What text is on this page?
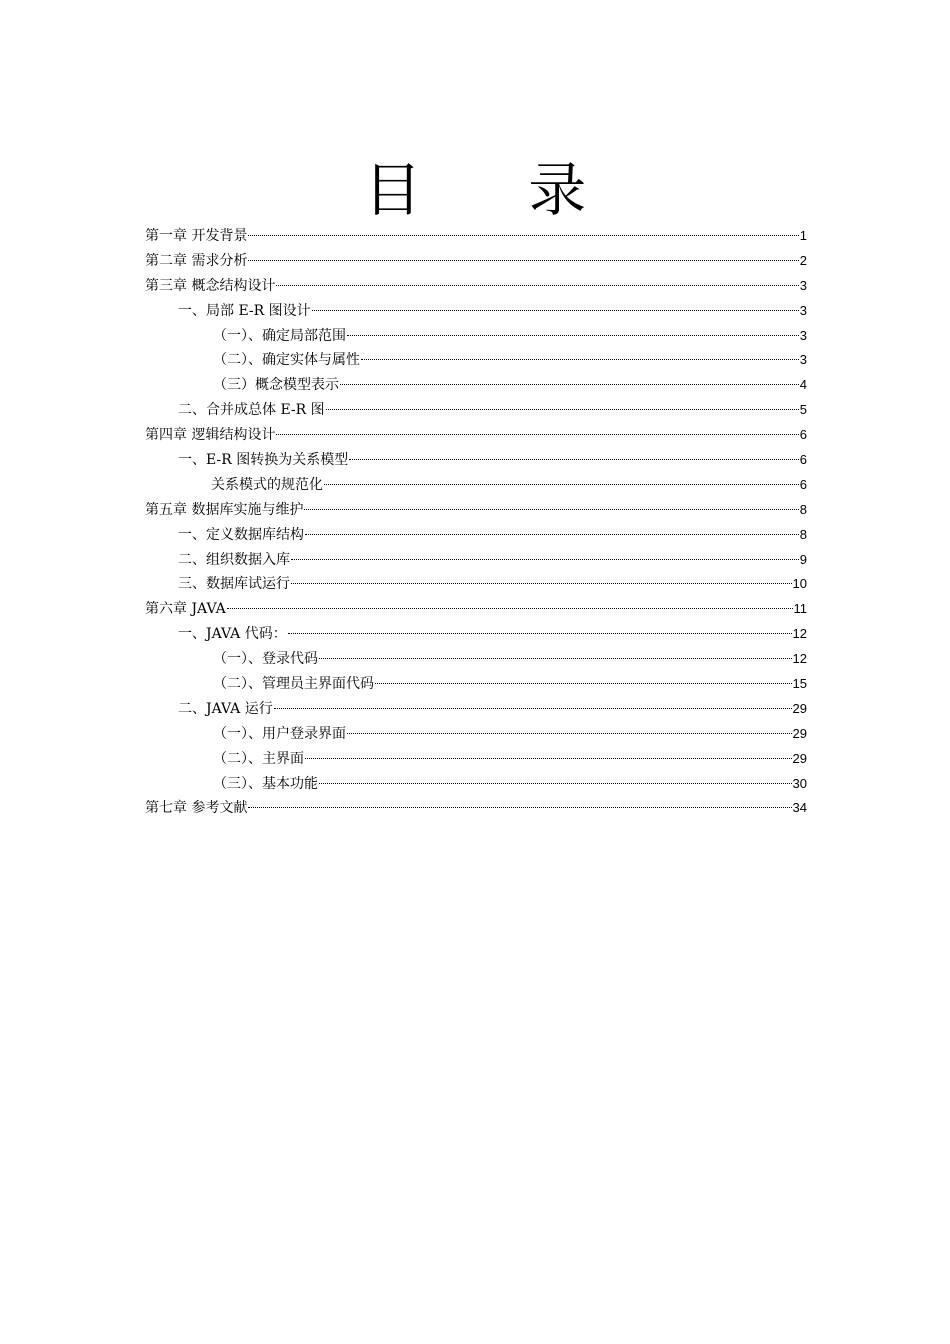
目 录
第一章 开发背景	1
第二章 需求分析	2
第三章 概念结构设计	3
一、局部 E-R 图设计	3
（一）、确定局部范围	3
（二）、确定实体与属性	3
（三）概念模型表示	4
二、合并成总体 E-R 图	5
第四章 逻辑结构设计	6
一、E-R 图转换为关系模型	6
关系模式的规范化	6
第五章 数据库实施与维护	8
一、定义数据库结构	8
二、组织数据入库	9
三、数据库试运行	10
第六章 JAVA	11
一、JAVA 代码：	12
（一）、登录代码	12
（二）、管理员主界面代码	15
二、JAVA 运行	29
（一）、用户登录界面	29
（二）、主界面	29
（三）、基本功能	30
第七章 参考文献	34
